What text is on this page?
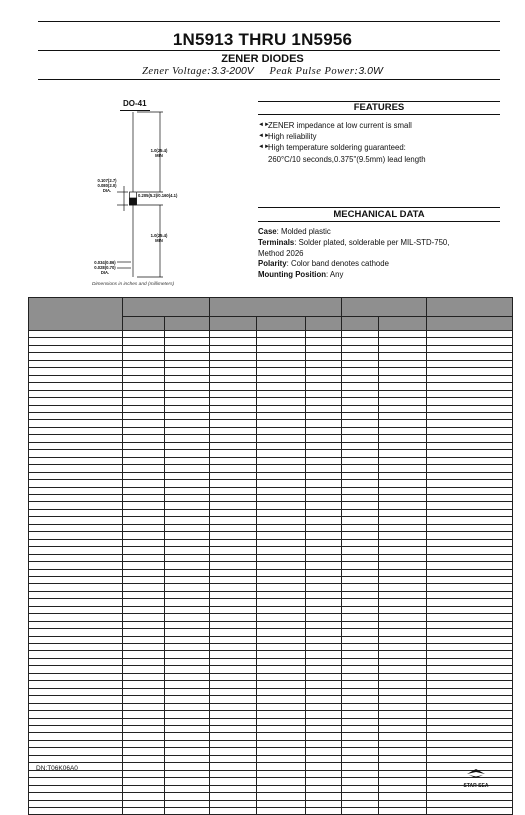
1N5913 THRU 1N5956
ZENER DIODES
Zener Voltage:3.3-200V Peak Pulse Power:3.0W
DO-41
1.0(25.4)
MIN
0.107(2.7)
0.080(2.0)
DIA.
0.205(5.2)/0.160(4.1)
1.0(25.4)
MIN
0.034(0.86)
0.028(0.70)
DIA.
Dimensions in inches and (millimeters)
FEATURES
◄►
ZENER impedance at low current is small
◄►
High reliability
◄►
High temperature soldering guaranteed:
260°C/10 seconds,0.375"(9.5mm) lead length
MECHANICAL DATA
Case: Molded plastic
Terminals: Solder plated, solderable per MIL-STD-750,
Method 2026
Polarity: Color band denotes cathode
Mounting Position: Any

DN:T06K06A0
STAR SEA
